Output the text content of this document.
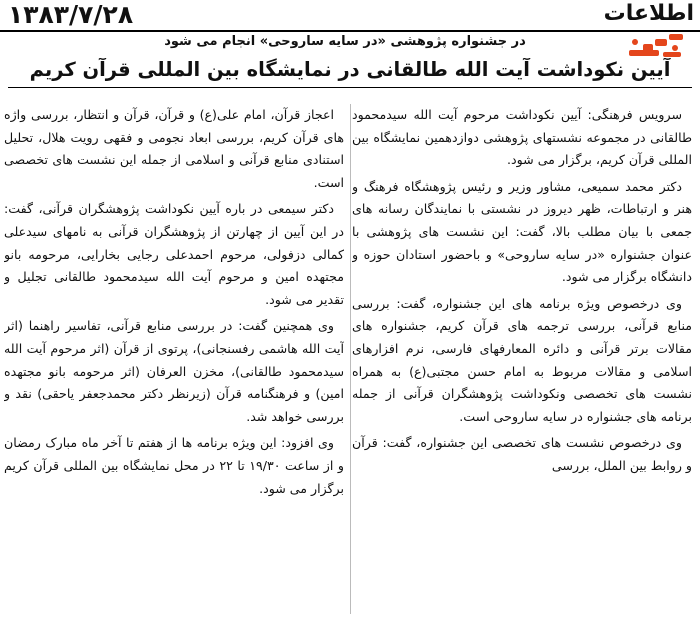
اطلاعات
۱۳۸۳/۷/۲۸
در جشنواره پژوهشی «در سایه ساروحی» انجام می شود
آیین نکوداشت آیت الله طالقانی در نمایشگاه بین المللی قرآن کریم

سرویس فرهنگی: آیین نکوداشت مرحوم آیت الله سیدمحمود طالقانی در مجموعه نشستهای پژوهشی دوازدهمین نمایشگاه بین المللی قرآن کریم، برگزار می شود.

دکتر محمد سمیعی، مشاور وزیر و رئیس پژوهشگاه فرهنگ و هنر و ارتباطات، ظهر دیروز در نشستی با نمایندگان رسانه های جمعی با بیان مطلب بالا، گفت: این نشست های پژوهشی با عنوان جشنواره «در سایه ساروحی» و باحضور استادان حوزه و دانشگاه برگزار می شود.

وی درخصوص ویژه برنامه های این جشنواره، گفت: بررسی منابع قرآنی، بررسی ترجمه های قرآن کریم، جشنواره های مقالات برتر قرآنی و دائره المعارفهای فارسی، نرم افزارهای اسلامی و مقالات مربوط به امام حسن مجتبی(ع) به همراه نشست های تخصصی ونکوداشت پژوهشگران قرآنی از جمله برنامه های جشنواره در سایه ساروحی است.

وی درخصوص نشست های تخصصی این جشنواره، گفت: قرآن و روابط بین الملل، بررسی

اعجاز قرآن، امام علی(ع) و قرآن، قرآن و انتظار، بررسی واژه های قرآن کریم، بررسی ابعاد نجومی و فقهی رویت هلال، تحلیل استنادی منابع قرآنی و اسلامی از جمله این نشست های تخصصی است.

دکتر سیمعی در باره آیین نکوداشت پژوهشگران قرآنی، گفت: در این آیین از چهارتن از پژوهشگران قرآنی به نامهای سیدعلی کمالی دزفولی، مرحوم احمدعلی رجایی بخارایی، مرحومه بانو مجتهده امین و مرحوم آیت الله سیدمحمود طالقانی تجلیل و تقدیر می شود.

وی همچنین گفت: در بررسی منابع قرآنی، تفاسیر راهنما (اثر آیت الله هاشمی رفسنجانی)، پرتوی از قرآن (اثر مرحوم آیت الله سیدمحمود طالقانی)، مخزن العرفان (اثر مرحومه بانو مجتهده امین) و فرهنگنامه قرآن (زیرنظر دکتر محمدجعفر یاحقی) نقد و بررسی خواهد شد.

وی افزود: این ویژه برنامه ها از هفتم تا آخر ماه مبارک رمضان و از ساعت ۱۹/۳۰ تا ۲۲ در محل نمایشگاه بین المللی قرآن کریم برگزار می شود.
